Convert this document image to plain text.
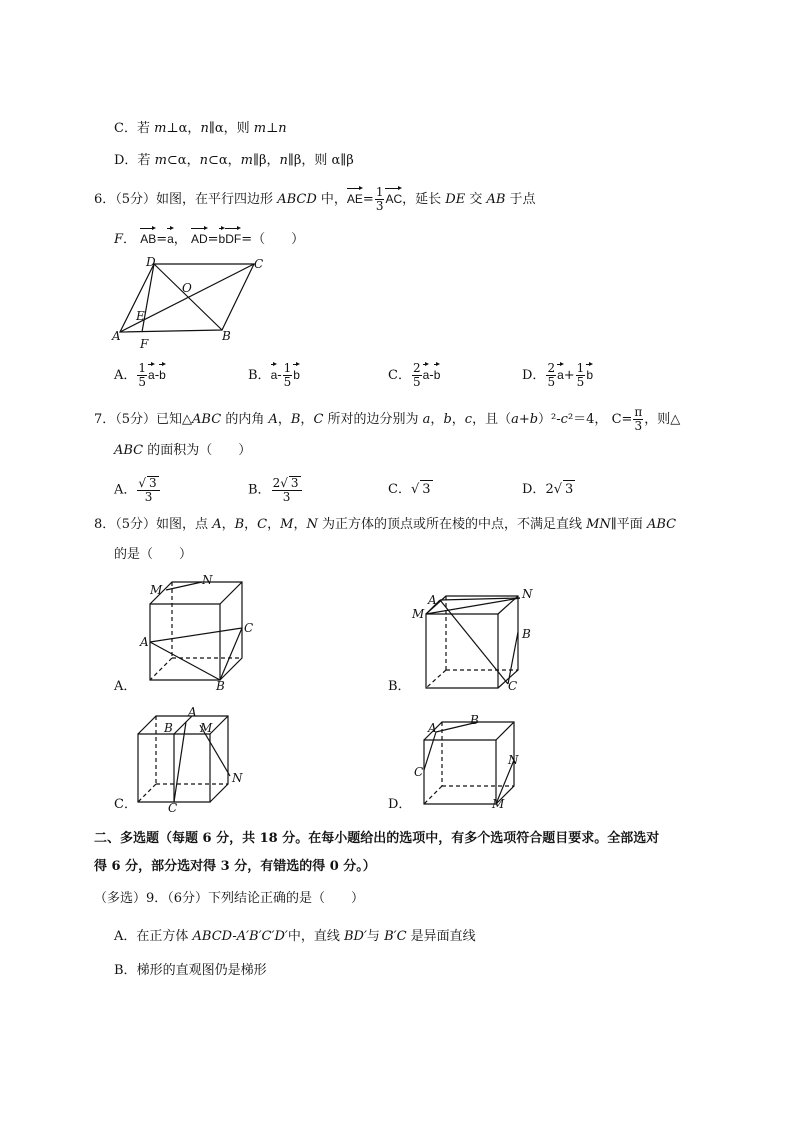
C．若 m⊥α，n∥α，则 m⊥n
D．若 m⊂α，n⊂α，m∥β，n∥β，则 α∥β
6．（5分）如图，在平行四边形 ABCD 中，$AE= \frac{1}{3}$ AC，延长 DE 交 AB 于点
F． AB=a， AD=bDF=（　　）
D	C
O
E
A
F
B
A． $\frac{1}{5} a-b$	B．$a- \frac{1}{5}$ b	C． $\frac{2}{5} a-b$	D． $\frac{2}{5} a+ \frac{1}{5}$ b
7．（5分）已知△ABC 的内角 A，B，C 所对的边分别为 a，b，c，且（a+b）²-c²＝4， $C= \frac{\pi}{3}$ ，则△
ABC 的面积为（　　）
A． $\frac{√ 3}{3}$	B． $\frac{2√ 3}{3}$	C．√ 3	D．2√ 3
8．（5分）如图，点 A，B，C，M，N 为正方体的顶点或所在棱的中点，不满足直线 MN∥平面 ABC
的是（　　）
M
N
A
C
B
A．
A
M
N
B
C
B．
B
A
M
N
C
C．
A
B
C
N
M
D．
二、多选题（每题 6 分，共 18 分。在每小题给出的选项中，有多个选项符合题目要求。全部选对
得 6 分，部分选对得 3 分，有错选的得 0 分。）
（多选）9．（6分）下列结论正确的是（　　）
A．在正方体 ABCD-A′B′C′D′中，直线 BD′与 B′C 是异面直线
B．梯形的直观图仍是梯形
